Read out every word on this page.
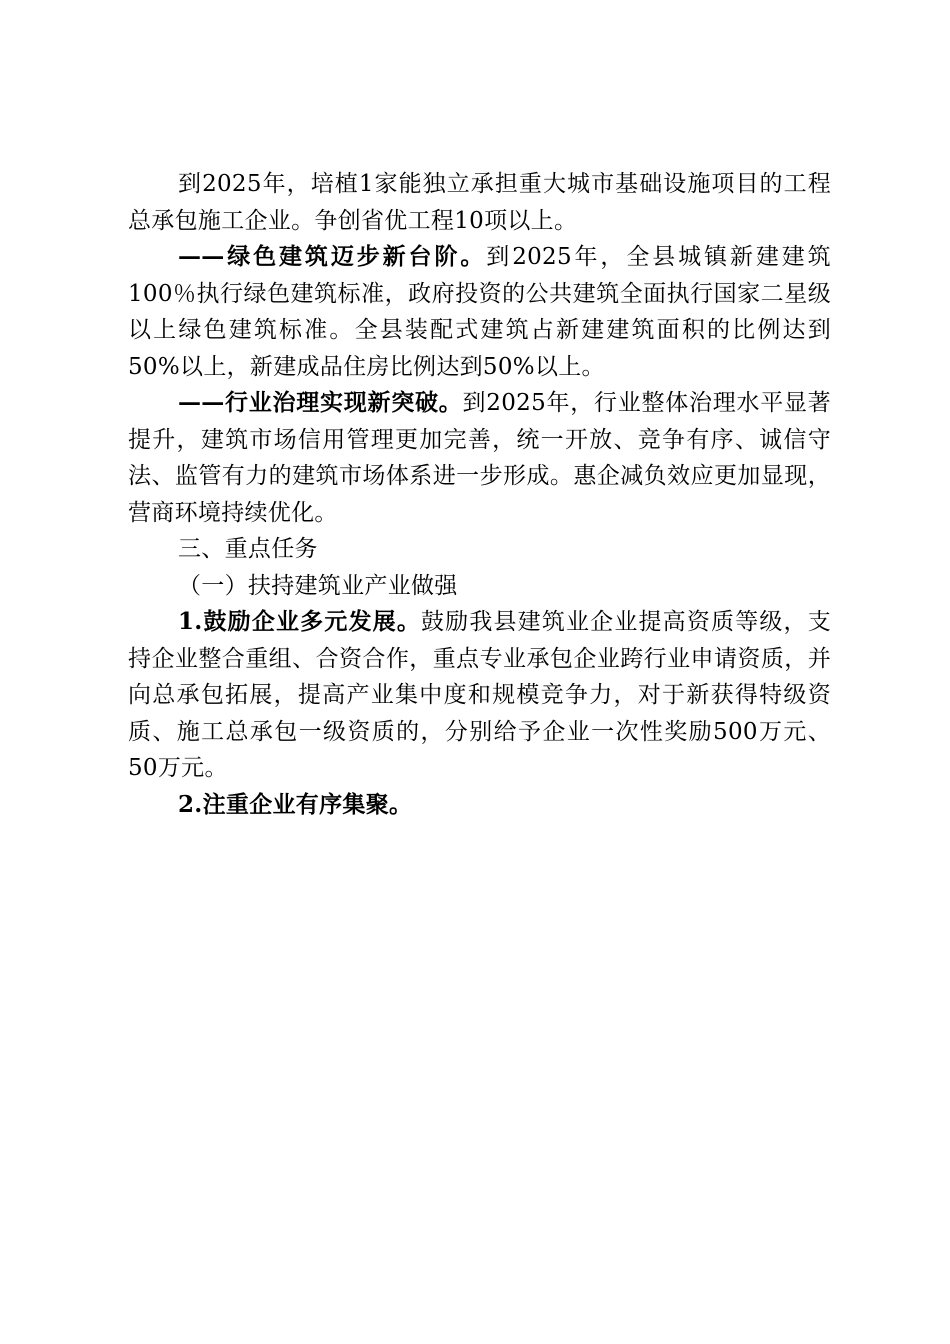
到2025年，培植1家能独立承担重大城市基础设施项目的工程总承包施工企业。争创省优工程10项以上。

——绿色建筑迈步新台阶。到2025年，全县城镇新建建筑100％执行绿色建筑标准，政府投资的公共建筑全面执行国家二星级以上绿色建筑标准。全县装配式建筑占新建建筑面积的比例达到50%以上，新建成品住房比例达到50%以上。

——行业治理实现新突破。到2025年，行业整体治理水平显著提升，建筑市场信用管理更加完善，统一开放、竞争有序、诚信守法、监管有力的建筑市场体系进一步形成。惠企减负效应更加显现，营商环境持续优化。

三、重点任务

（一）扶持建筑业产业做强

1.鼓励企业多元发展。鼓励我县建筑业企业提高资质等级，支持企业整合重组、合资合作，重点专业承包企业跨行业申请资质，并向总承包拓展，提高产业集中度和规模竞争力，对于新获得特级资质、施工总承包一级资质的，分别给予企业一次性奖励500万元、50万元。

2.注重企业有序集聚。
